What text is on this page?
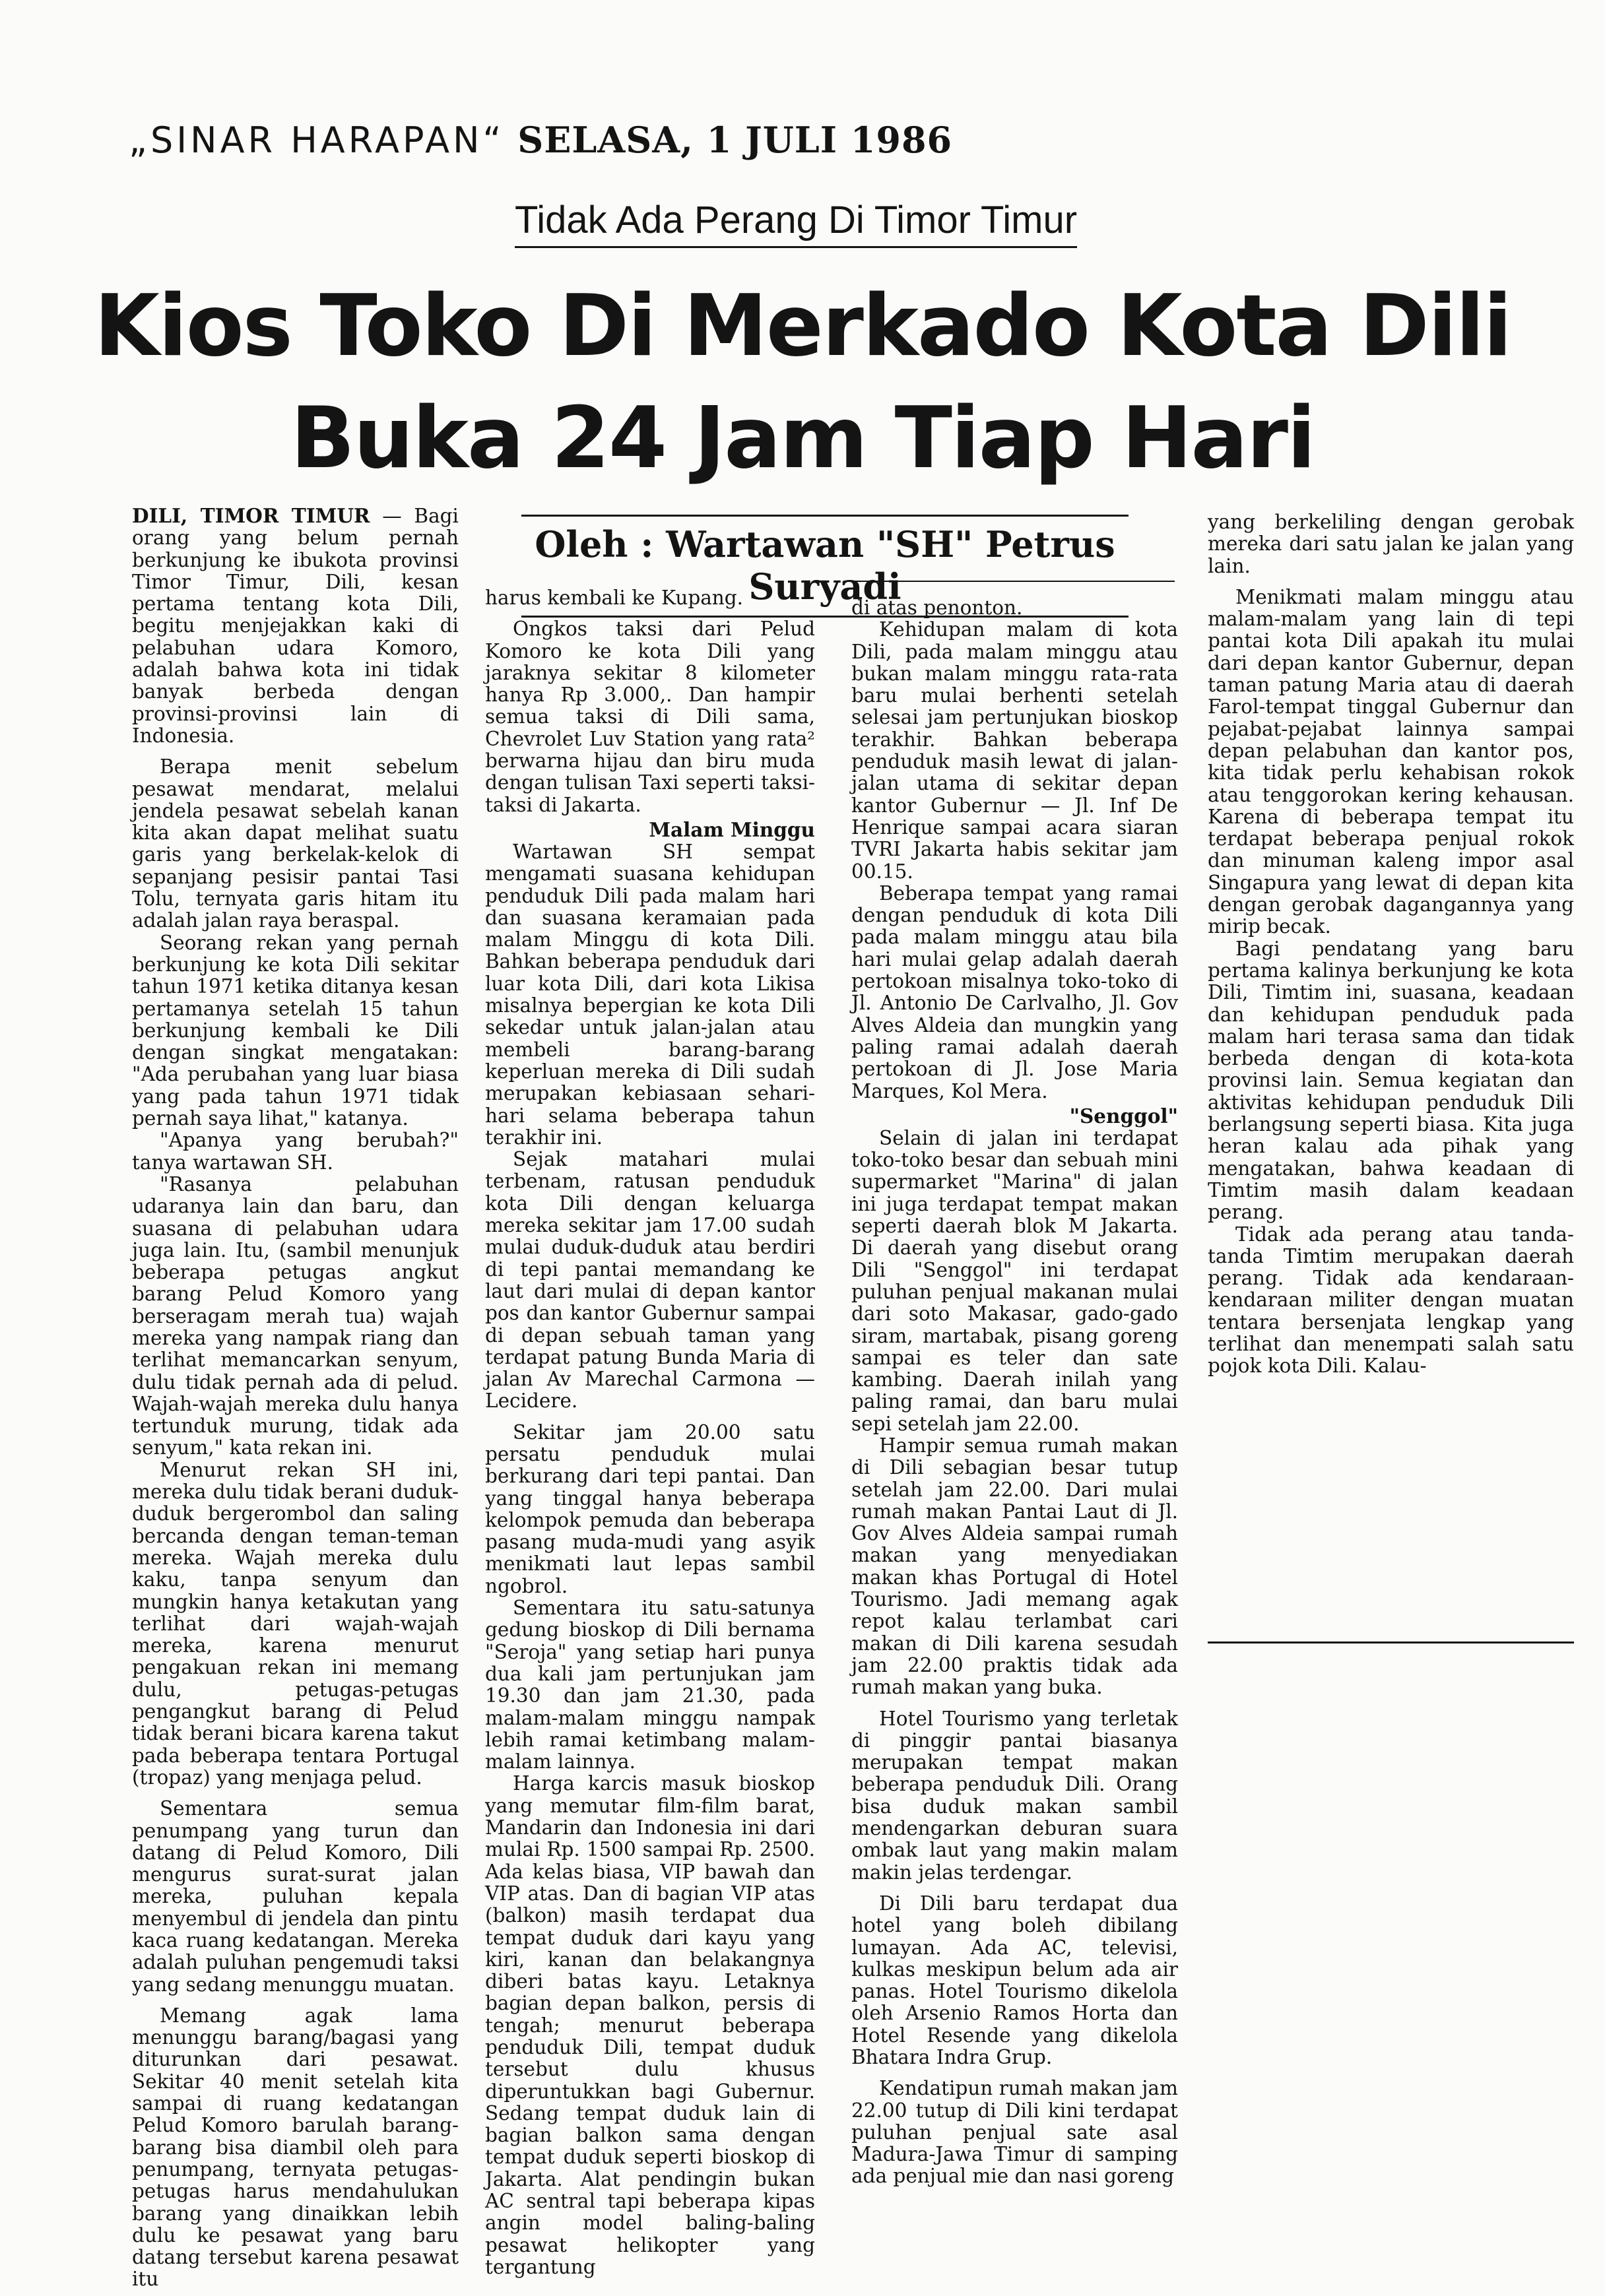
„SINAR HARAPAN“ SELASA, 1 JULI 1986
Tidak Ada Perang Di Timor Timur
Kios Toko Di Merkado Kota Dili
Buka 24 Jam Tiap Hari
Oleh : Wartawan "SH" Petrus Suryadi

DILI, TIMOR TIMUR — Bagi orang yang belum pernah berkunjung ke ibukota provinsi Timor Timur, Dili, kesan pertama tentang kota Dili, begitu menjejakkan kaki di pelabuhan udara Komoro, adalah bahwa kota ini tidak banyak berbeda dengan provinsi-provinsi lain di Indonesia.

Berapa menit sebelum pesawat mendarat, melalui jendela pesawat sebelah kanan kita akan dapat melihat suatu garis yang berkelak-kelok di sepanjang pesisir pantai Tasi Tolu, ternyata garis hitam itu adalah jalan raya beraspal.

Seorang rekan yang pernah berkunjung ke kota Dili sekitar tahun 1971 ketika ditanya kesan pertamanya setelah 15 tahun berkunjung kembali ke Dili dengan singkat mengatakan: "Ada perubahan yang luar biasa yang pada tahun 1971 tidak pernah saya lihat," katanya.

"Apanya yang berubah?" tanya wartawan SH.

"Rasanya pelabuhan udaranya lain dan baru, dan suasana di pelabuhan udara juga lain. Itu, (sambil menunjuk beberapa petugas angkut barang Pelud Komoro yang berseragam merah tua) wajah mereka yang nampak riang dan terlihat memancarkan senyum, dulu tidak pernah ada di pelud. Wajah-wajah mereka dulu hanya tertunduk murung, tidak ada senyum," kata rekan ini.

Menurut rekan SH ini, mereka dulu tidak berani duduk-duduk bergerombol dan saling bercanda dengan teman-teman mereka. Wajah mereka dulu kaku, tanpa senyum dan mungkin hanya ketakutan yang terlihat dari wajah-wajah mereka, karena menurut pengakuan rekan ini memang dulu, petugas-petugas pengangkut barang di Pelud tidak berani bicara karena takut pada beberapa tentara Portugal (tropaz) yang menjaga pelud.

Sementara semua penumpang yang turun dan datang di Pelud Komoro, Dili mengurus surat-surat jalan mereka, puluhan kepala menyembul di jendela dan pintu kaca ruang kedatangan. Mereka adalah puluhan pengemudi taksi yang sedang menunggu muatan.

Memang agak lama menunggu barang/bagasi yang diturunkan dari pesawat. Sekitar 40 menit setelah kita sampai di ruang kedatangan Pelud Komoro barulah barang-barang bisa diambil oleh para penumpang, ternyata petugas-petugas harus mendahulukan barang yang dinaikkan lebih dulu ke pesawat yang baru datang tersebut karena pesawat itu

harus kembali ke Kupang.

Ongkos taksi dari Pelud Komoro ke kota Dili yang jaraknya sekitar 8 kilometer hanya Rp 3.000,. Dan hampir semua taksi di Dili sama, Chevrolet Luv Station yang rata² berwarna hijau dan biru muda dengan tulisan Taxi seperti taksi-taksi di Jakarta.

Malam Minggu

Wartawan SH sempat mengamati suasana kehidupan penduduk Dili pada malam hari dan suasana keramaian pada malam Minggu di kota Dili. Bahkan beberapa penduduk dari luar kota Dili, dari kota Likisa misalnya bepergian ke kota Dili sekedar untuk jalan-jalan atau membeli barang-barang keperluan mereka di Dili sudah merupakan kebiasaan sehari-hari selama beberapa tahun terakhir ini.

Sejak matahari mulai terbenam, ratusan penduduk kota Dili dengan keluarga mereka sekitar jam 17.00 sudah mulai duduk-duduk atau berdiri di tepi pantai memandang ke laut dari mulai di depan kantor pos dan kantor Gubernur sampai di depan sebuah taman yang terdapat patung Bunda Maria di jalan Av Marechal Carmona — Lecidere.

Sekitar jam 20.00 satu persatu penduduk mulai berkurang dari tepi pantai. Dan yang tinggal hanya beberapa kelompok pemuda dan beberapa pasang muda-mudi yang asyik menikmati laut lepas sambil ngobrol.

Sementara itu satu-satunya gedung bioskop di Dili bernama "Seroja" yang setiap hari punya dua kali jam pertunjukan jam 19.30 dan jam 21.30, pada malam-malam minggu nampak lebih ramai ketimbang malam-malam lainnya.

Harga karcis masuk bioskop yang memutar film-film barat, Mandarin dan Indonesia ini dari mulai Rp. 1500 sampai Rp. 2500. Ada kelas biasa, VIP bawah dan VIP atas. Dan di bagian VIP atas (balkon) masih terdapat dua tempat duduk dari kayu yang kiri, kanan dan belakangnya diberi batas kayu. Letaknya bagian depan balkon, persis di tengah; menurut beberapa penduduk Dili, tempat duduk tersebut dulu khusus diperuntukkan bagi Gubernur. Sedang tempat duduk lain di bagian balkon sama dengan tempat duduk seperti bioskop di Jakarta. Alat pendingin bukan AC sentral tapi beberapa kipas angin model baling-baling pesawat helikopter yang tergantung

di atas penonton.

Kehidupan malam di kota Dili, pada malam minggu atau bukan malam minggu rata-rata baru mulai berhenti setelah selesai jam pertunjukan bioskop terakhir. Bahkan beberapa penduduk masih lewat di jalan-jalan utama di sekitar depan kantor Gubernur — Jl. Inf De Henrique sampai acara siaran TVRI Jakarta habis sekitar jam 00.15.

Beberapa tempat yang ramai dengan penduduk di kota Dili pada malam minggu atau bila hari mulai gelap adalah daerah pertokoan misalnya toko-toko di Jl. Antonio De Carlvalho, Jl. Gov Alves Aldeia dan mungkin yang paling ramai adalah daerah pertokoan di Jl. Jose Maria Marques, Kol Mera.

"Senggol"

Selain di jalan ini terdapat toko-toko besar dan sebuah mini supermarket "Marina" di jalan ini juga terdapat tempat makan seperti daerah blok M Jakarta. Di daerah yang disebut orang Dili "Senggol" ini terdapat puluhan penjual makanan mulai dari soto Makasar, gado-gado siram, martabak, pisang goreng sampai es teler dan sate kambing. Daerah inilah yang paling ramai, dan baru mulai sepi setelah jam 22.00.

Hampir semua rumah makan di Dili sebagian besar tutup setelah jam 22.00. Dari mulai rumah makan Pantai Laut di Jl. Gov Alves Aldeia sampai rumah makan yang menyediakan makan khas Portugal di Hotel Tourismo. Jadi memang agak repot kalau terlambat cari makan di Dili karena sesudah jam 22.00 praktis tidak ada rumah makan yang buka.

Hotel Tourismo yang terletak di pinggir pantai biasanya merupakan tempat makan beberapa penduduk Dili. Orang bisa duduk makan sambil mendengarkan deburan suara ombak laut yang makin malam makin jelas terdengar.

Di Dili baru terdapat dua hotel yang boleh dibilang lumayan. Ada AC, televisi, kulkas meskipun belum ada air panas. Hotel Tourismo dikelola oleh Arsenio Ramos Horta dan Hotel Resende yang dikelola Bhatara Indra Grup.

Kendatipun rumah makan jam 22.00 tutup di Dili kini terdapat puluhan penjual sate asal Madura-Jawa Timur di samping ada penjual mie dan nasi goreng

yang berkeliling dengan gerobak mereka dari satu jalan ke jalan yang lain.

Menikmati malam minggu atau malam-malam yang lain di tepi pantai kota Dili apakah itu mulai dari depan kantor Gubernur, depan taman patung Maria atau di daerah Farol-tempat tinggal Gubernur dan pejabat-pejabat lainnya sampai depan pelabuhan dan kantor pos, kita tidak perlu kehabisan rokok atau tenggorokan kering kehausan. Karena di beberapa tempat itu terdapat beberapa penjual rokok dan minuman kaleng impor asal Singapura yang lewat di depan kita dengan gerobak dagangannya yang mirip becak.

Bagi pendatang yang baru pertama kalinya berkunjung ke kota Dili, Timtim ini, suasana, keadaan dan kehidupan penduduk pada malam hari terasa sama dan tidak berbeda dengan di kota-kota provinsi lain. Semua kegiatan dan aktivitas kehidupan penduduk Dili berlangsung seperti biasa. Kita juga heran kalau ada pihak yang mengatakan, bahwa keadaan di Timtim masih dalam keadaan perang.

Tidak ada perang atau tanda-tanda Timtim merupakan daerah perang. Tidak ada kendaraan-kendaraan militer dengan muatan tentara bersenjata lengkap yang terlihat dan menempati salah satu pojok kota Dili. Kalau-
